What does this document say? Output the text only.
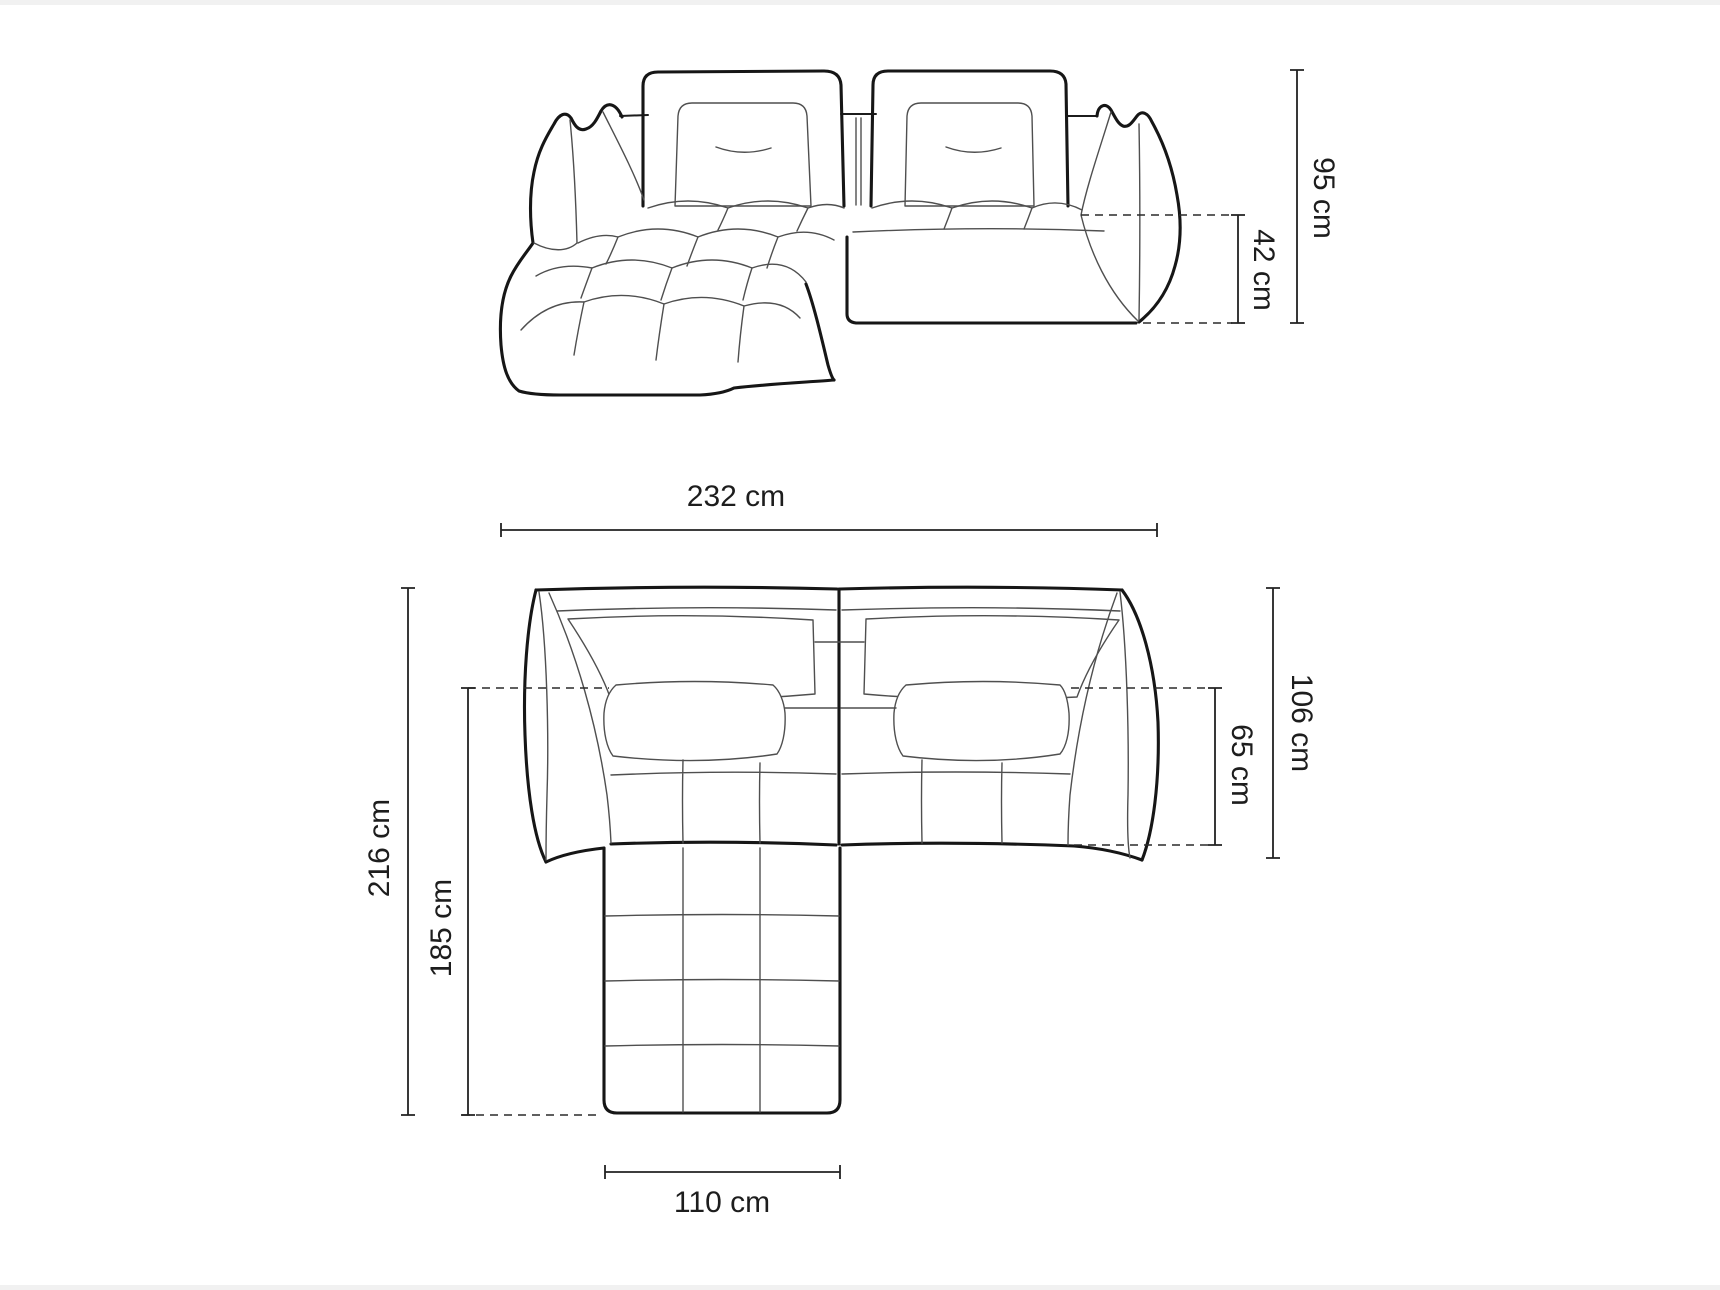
95 cm
42 cm
232 cm
216 cm
185 cm
106 cm
65 cm
110 cm
